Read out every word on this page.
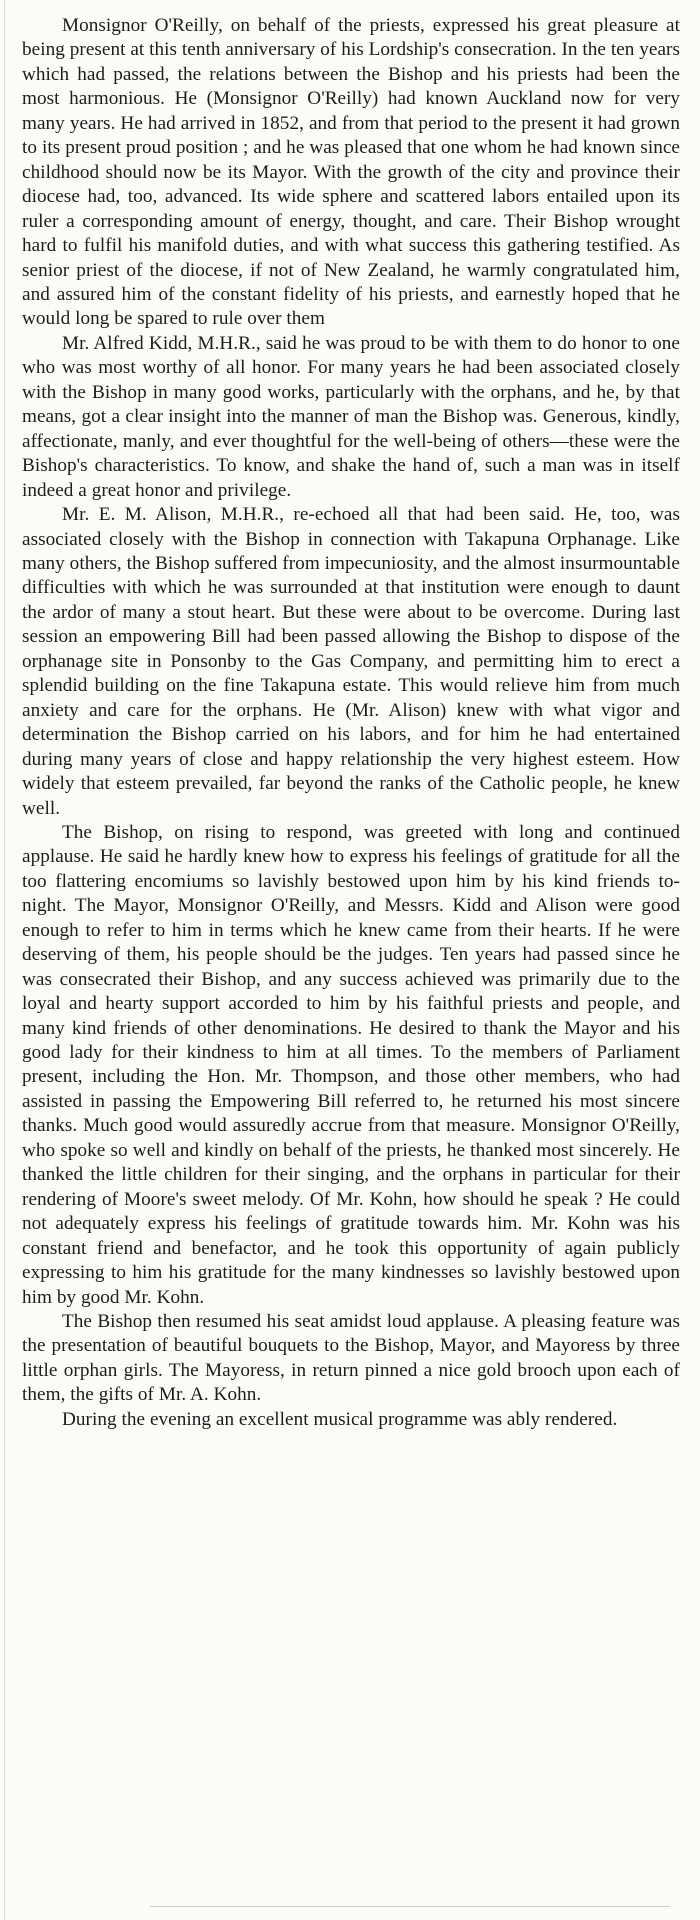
Monsignor O'Reilly, on behalf of the priests, expressed his great pleasure at being present at this tenth anniversary of his Lordship's consecration. In the ten years which had passed, the relations between the Bishop and his priests had been the most harmonious. He (Monsignor O'Reilly) had known Auckland now for very many years. He had arrived in 1852, and from that period to the present it had grown to its present proud position ; and he was pleased that one whom he had known since childhood should now be its Mayor. With the growth of the city and province their diocese had, too, advanced. Its wide sphere and scattered labors entailed upon its ruler a corresponding amount of energy, thought, and care. Their Bishop wrought hard to fulfil his manifold duties, and with what success this gathering testified. As senior priest of the diocese, if not of New Zealand, he warmly congratulated him, and assured him of the constant fidelity of his priests, and earnestly hoped that he would long be spared to rule over them

Mr. Alfred Kidd, M.H.R., said he was proud to be with them to do honor to one who was most worthy of all honor. For many years he had been associated closely with the Bishop in many good works, particularly with the orphans, and he, by that means, got a clear insight into the manner of man the Bishop was. Generous, kindly, affectionate, manly, and ever thoughtful for the well-being of others—these were the Bishop's characteristics. To know, and shake the hand of, such a man was in itself indeed a great honor and privilege.

Mr. E. M. Alison, M.H.R., re-echoed all that had been said. He, too, was associated closely with the Bishop in connection with Takapuna Orphanage. Like many others, the Bishop suffered from impecuniosity, and the almost insurmountable difficulties with which he was surrounded at that institution were enough to daunt the ardor of many a stout heart. But these were about to be overcome. During last session an empowering Bill had been passed allowing the Bishop to dispose of the orphanage site in Ponsonby to the Gas Company, and permitting him to erect a splendid building on the fine Takapuna estate. This would relieve him from much anxiety and care for the orphans. He (Mr. Alison) knew with what vigor and determination the Bishop carried on his labors, and for him he had entertained during many years of close and happy relationship the very highest esteem. How widely that esteem prevailed, far beyond the ranks of the Catholic people, he knew well.

The Bishop, on rising to respond, was greeted with long and continued applause. He said he hardly knew how to express his feelings of gratitude for all the too flattering encomiums so lavishly bestowed upon him by his kind friends to-night. The Mayor, Monsignor O'Reilly, and Messrs. Kidd and Alison were good enough to refer to him in terms which he knew came from their hearts. If he were deserving of them, his people should be the judges. Ten years had passed since he was consecrated their Bishop, and any success achieved was primarily due to the loyal and hearty support accorded to him by his faithful priests and people, and many kind friends of other denominations. He desired to thank the Mayor and his good lady for their kindness to him at all times. To the members of Parliament present, including the Hon. Mr. Thompson, and those other members, who had assisted in passing the Empowering Bill referred to, he returned his most sincere thanks. Much good would assuredly accrue from that measure. Monsignor O'Reilly, who spoke so well and kindly on behalf of the priests, he thanked most sincerely. He thanked the little children for their singing, and the orphans in particular for their rendering of Moore's sweet melody. Of Mr. Kohn, how should he speak ? He could not adequately express his feelings of gratitude towards him. Mr. Kohn was his constant friend and benefactor, and he took this opportunity of again publicly expressing to him his gratitude for the many kindnesses so lavishly bestowed upon him by good Mr. Kohn.

The Bishop then resumed his seat amidst loud applause. A pleasing feature was the presentation of beautiful bouquets to the Bishop, Mayor, and Mayoress by three little orphan girls. The Mayoress, in return pinned a nice gold brooch upon each of them, the gifts of Mr. A. Kohn.

During the evening an excellent musical programme was ably rendered.
